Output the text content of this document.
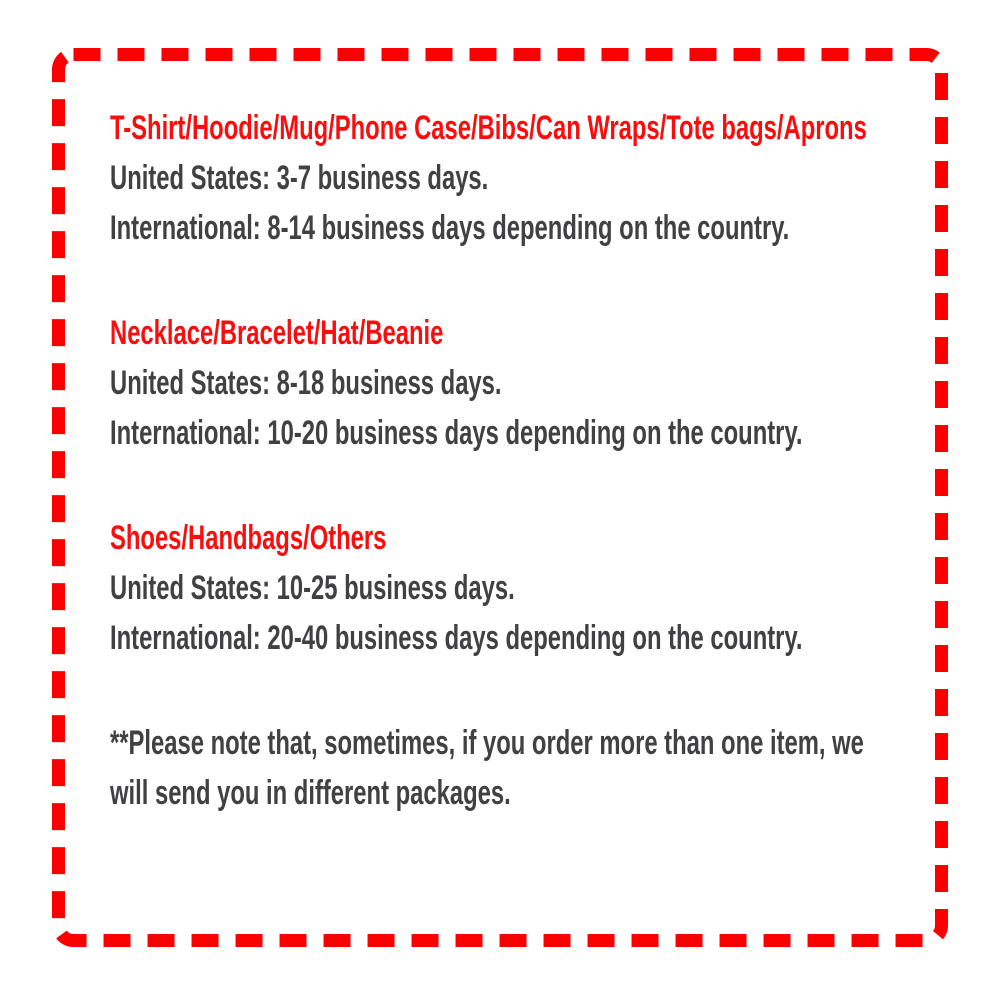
T-Shirt/Hoodie/Mug/Phone Case/Bibs/Can Wraps/Tote bags/Aprons
United States: 3-7 business days.
International: 8-14 business days depending on the country.
Necklace/Bracelet/Hat/Beanie
United States: 8-18 business days.
International: 10-20 business days depending on the country.
Shoes/Handbags/Others
United States: 10-25 business days.
International: 20-40 business days depending on the country.
**Please note that, sometimes, if you order more than one item, we
will send you in different packages.
